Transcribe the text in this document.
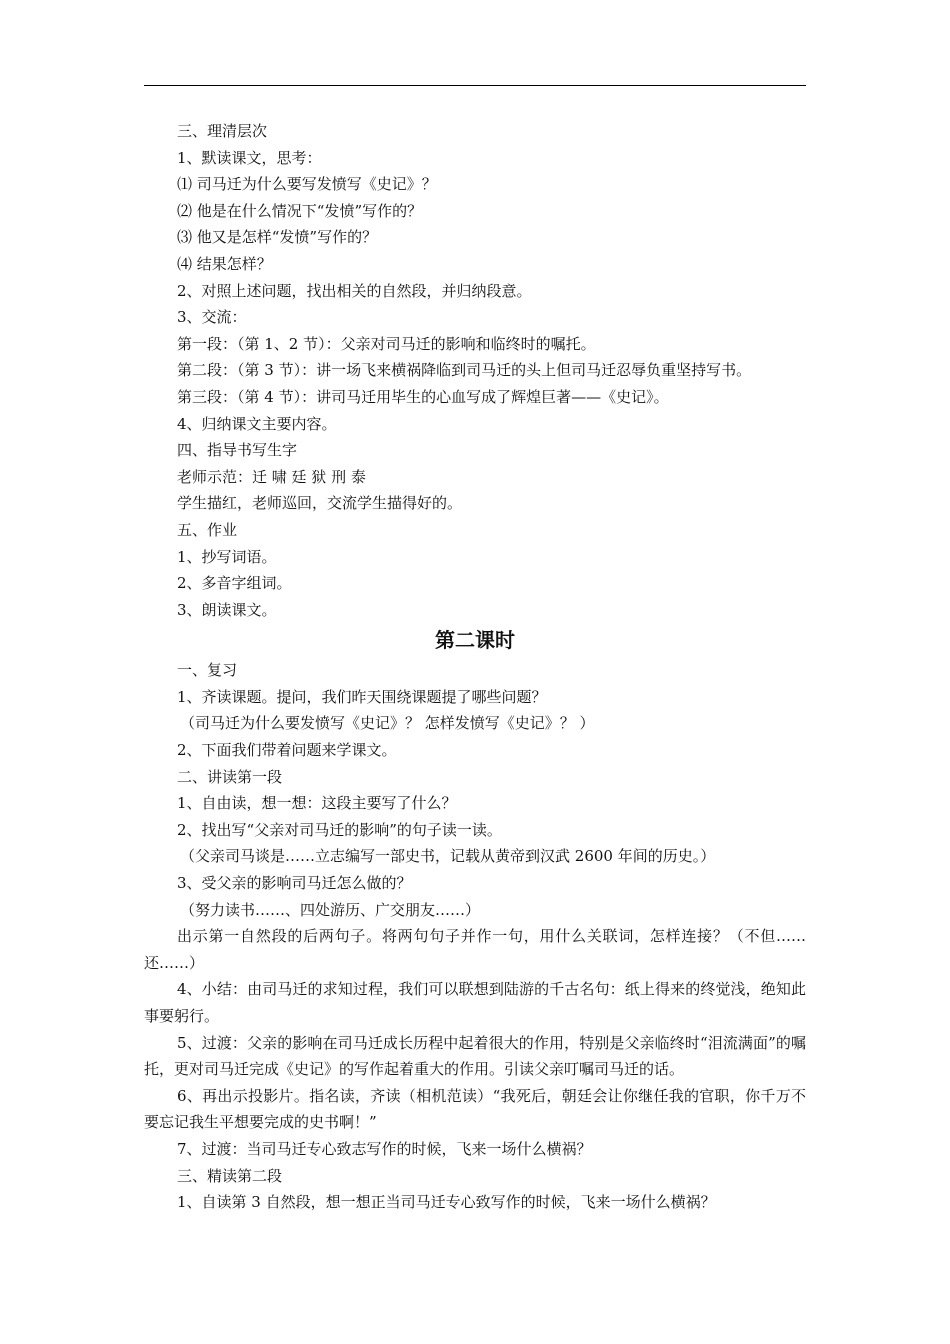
三、理清层次
1、默读课文，思考：
⑴ 司马迁为什么要写发愤写《史记》？
⑵ 他是在什么情况下“发愤”写作的？
⑶ 他又是怎样“发愤”写作的？
⑷ 结果怎样？
2、对照上述问题，找出相关的自然段，并归纳段意。
3、交流：
第一段：（第 1、2 节）：父亲对司马迁的影响和临终时的嘱托。
第二段：（第 3 节）：讲一场飞来横祸降临到司马迁的头上但司马迁忍辱负重坚持写书。
第三段：（第 4 节）：讲司马迁用毕生的心血写成了辉煌巨著——《史记》。
4、归纳课文主要内容。
四、指导书写生字
老师示范：迁 啸 廷 狱 刑 泰
学生描红，老师巡回，交流学生描得好的。
五、作业
1、抄写词语。
2、多音字组词。
3、朗读课文。
第二课时
一、复习
1、齐读课题。提问，我们昨天围绕课题提了哪些问题？
（司马迁为什么要发愤写《史记》？ 怎样发愤写《史记》？ ）
2、下面我们带着问题来学课文。
二、讲读第一段
1、自由读，想一想：这段主要写了什么？
2、找出写“父亲对司马迁的影响”的句子读一读。
（父亲司马谈是……立志编写一部史书，记载从黄帝到汉武 2600 年间的历史。）
3、受父亲的影响司马迁怎么做的？
（努力读书……、四处游历、广交朋友……）
出示第一自然段的后两句子。将两句句子并作一句，用什么关联词，怎样连接？（不但……还……）
4、小结：由司马迁的求知过程，我们可以联想到陆游的千古名句：纸上得来的终觉浅，绝知此事要躬行。
5、过渡：父亲的影响在司马迁成长历程中起着很大的作用，特别是父亲临终时“泪流满面”的嘱托，更对司马迁完成《史记》的写作起着重大的作用。引读父亲叮嘱司马迁的话。
6、再出示投影片。指名读，齐读（相机范读）“我死后，朝廷会让你继任我的官职，你千万不要忘记我生平想要完成的史书啊！”
7、过渡：当司马迁专心致志写作的时候，飞来一场什么横祸？
三、精读第二段
1、自读第 3 自然段，想一想正当司马迁专心致写作的时候，飞来一场什么横祸？
